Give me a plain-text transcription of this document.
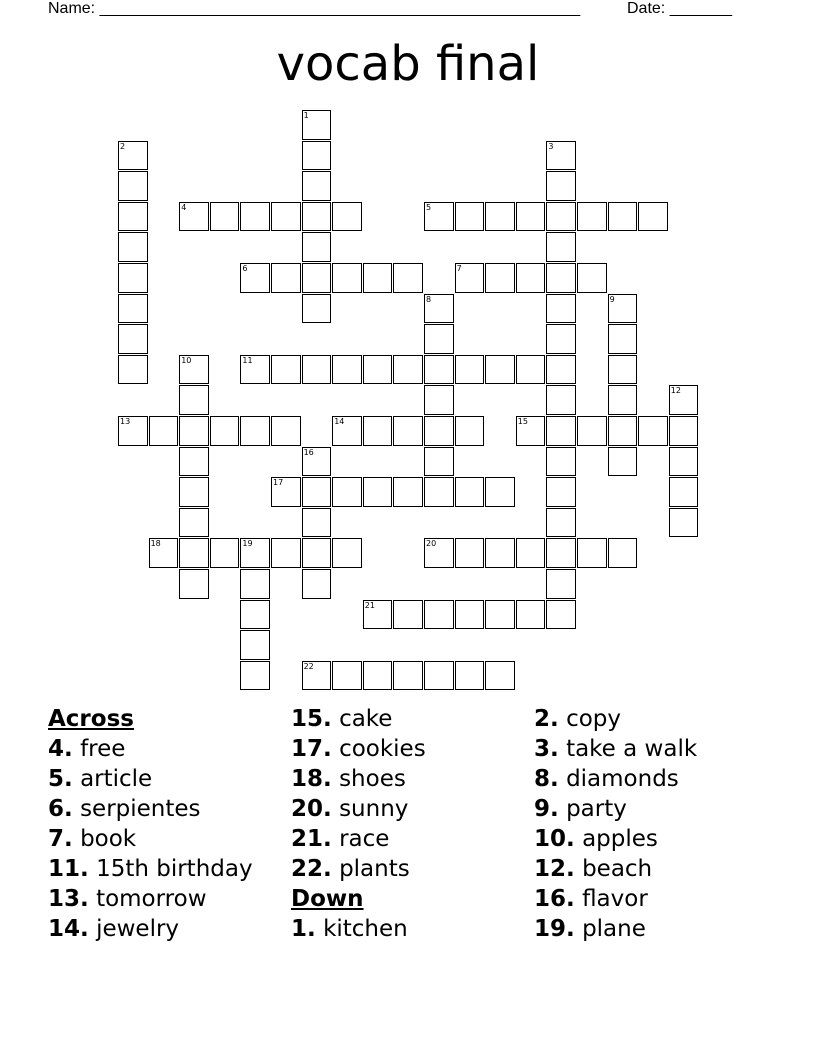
Name: ______________________________________________________	Date: _______
vocab final
4	5
6	7
11
13	14	15
17
18	19	20
21
22
1
2	3
8	9
10
12
16
Across
4. free
5. article
6. serpientes
7. book
11. 15th birthday
13. tomorrow
14. jewelry
15. cake
17. cookies
18. shoes
20. sunny
21. race
22. plants
Down
1. kitchen
2. copy
3. take a walk
8. diamonds
9. party
10. apples
12. beach
16. flavor
19. plane
